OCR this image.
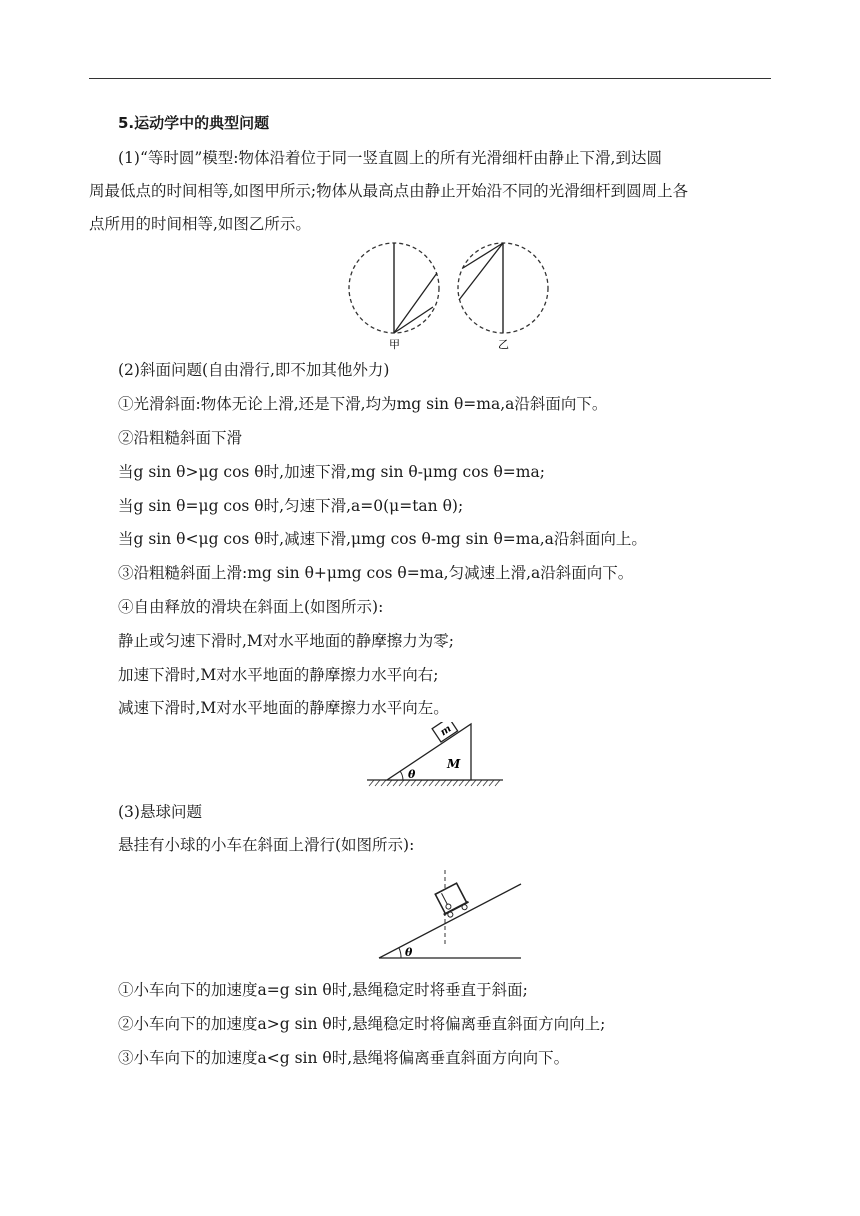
5.运动学中的典型问题
(1)“等时圆”模型:物体沿着位于同一竖直圆上的所有光滑细杆由静止下滑,到达圆
周最低点的时间相等,如图甲所示;物体从最高点由静止开始沿不同的光滑细杆到圆周上各
点所用的时间相等,如图乙所示。
甲	乙
(2)斜面问题(自由滑行,即不加其他外力)
①光滑斜面:物体无论上滑,还是下滑,均为mg sin θ=ma,a沿斜面向下。
②沿粗糙斜面下滑
当g sin θ>μg cos θ时,加速下滑,mg sin θ-μmg cos θ=ma;
当g sin θ=μg cos θ时,匀速下滑,a=0(μ=tan θ);
当g sin θ<μg cos θ时,减速下滑,μmg cos θ-mg sin θ=ma,a沿斜面向上。
③沿粗糙斜面上滑:mg sin θ+μmg cos θ=ma,匀减速上滑,a沿斜面向下。
④自由释放的滑块在斜面上(如图所示):
静止或匀速下滑时,M对水平地面的静摩擦力为零;
加速下滑时,M对水平地面的静摩擦力水平向右;
减速下滑时,M对水平地面的静摩擦力水平向左。
θ
M
m
(3)悬球问题
悬挂有小球的小车在斜面上滑行(如图所示):
θ
①小车向下的加速度a=g sin θ时,悬绳稳定时将垂直于斜面;
②小车向下的加速度a>g sin θ时,悬绳稳定时将偏离垂直斜面方向向上;
③小车向下的加速度a<g sin θ时,悬绳将偏离垂直斜面方向向下。
